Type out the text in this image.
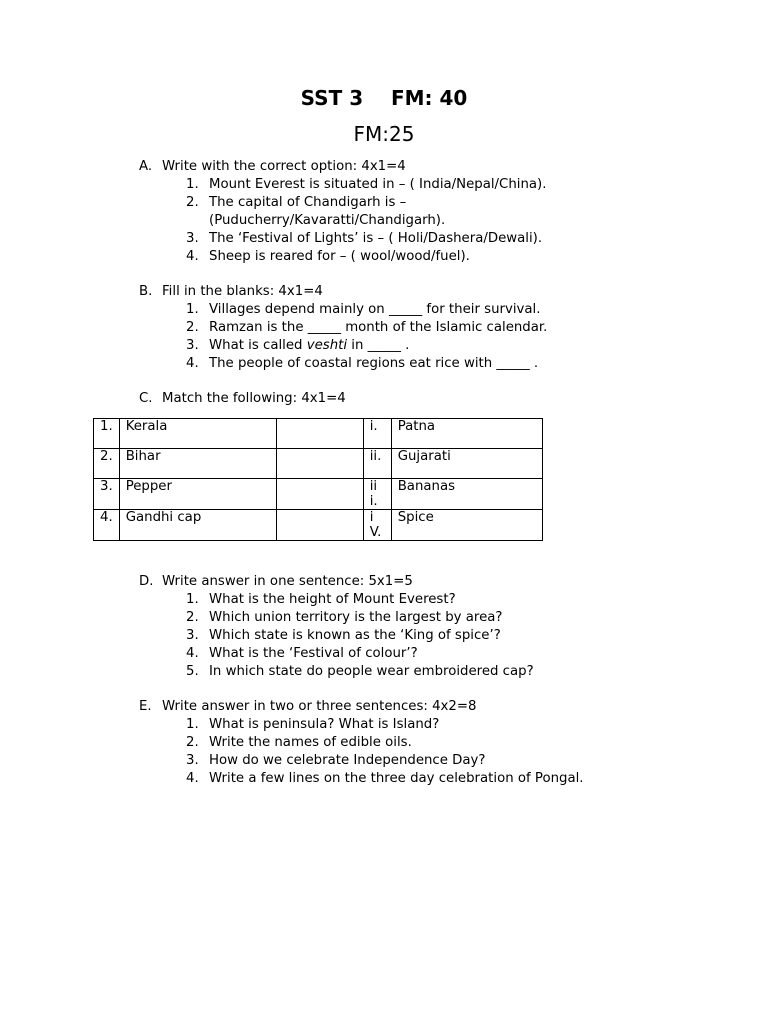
SST 3    FM: 40
FM:25
A. Write with the correct option: 4x1=4
1. Mount Everest is situated in – ( India/Nepal/China).
2. The capital of Chandigarh is – (Puducherry/Kavaratti/Chandigarh).
3. The ‘Festival of Lights’ is – ( Holi/Dashera/Dewali).
4. Sheep is reared for – ( wool/wood/fuel).
B. Fill in the blanks: 4x1=4
1. Villages depend mainly on _____ for their survival.
2. Ramzan is the _____ month of the Islamic calendar.
3. What is called veshti in _____ .
4. The people of coastal regions eat rice with _____ .
C. Match the following: 4x1=4
1.	Kerala		i.	Patna
2.	Bihar		ii.	Gujarati
3.	Pepper		iii.	Bananas
4.	Gandhi cap		iV.	Spice
D. Write answer in one sentence: 5x1=5
1. What is the height of Mount Everest?
2. Which union territory is the largest by area?
3. Which state is known as the ‘King of spice’?
4. What is the ‘Festival of colour’?
5. In which state do people wear embroidered cap?
E. Write answer in two or three sentences: 4x2=8
1. What is peninsula? What is Island?
2. Write the names of edible oils.
3. How do we celebrate Independence Day?
4. Write a few lines on the three day celebration of Pongal.
